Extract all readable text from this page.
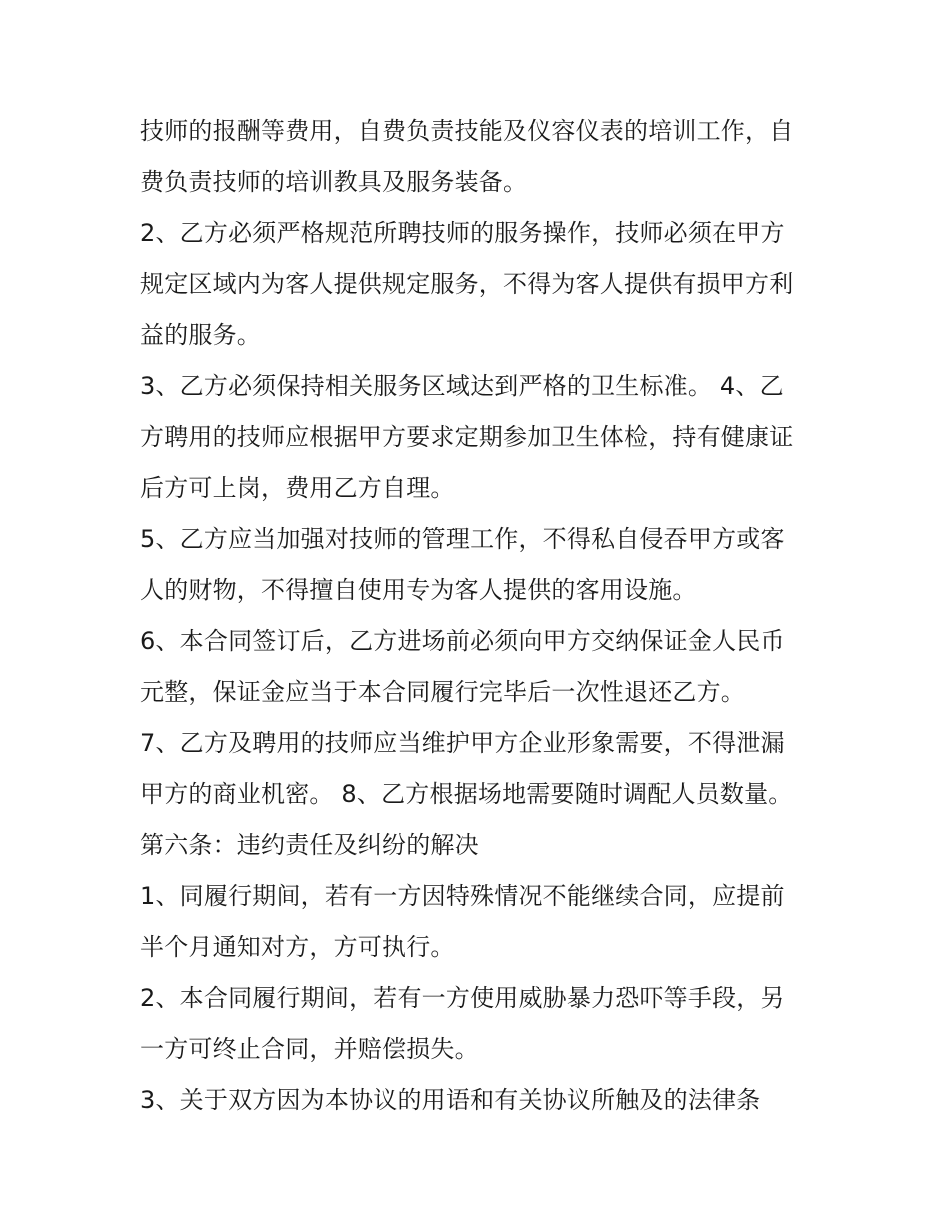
技师的报酬等费用，自费负责技能及仪容仪表的培训工作，自
费负责技师的培训教具及服务装备。
2、乙方必须严格规范所聘技师的服务操作，技师必须在甲方
规定区域内为客人提供规定服务，不得为客人提供有损甲方利
益的服务。
3、乙方必须保持相关服务区域达到严格的卫生标准。 4、乙
方聘用的技师应根据甲方要求定期参加卫生体检，持有健康证
后方可上岗，费用乙方自理。
5、乙方应当加强对技师的管理工作，不得私自侵吞甲方或客
人的财物，不得擅自使用专为客人提供的客用设施。
6、本合同签订后，乙方进场前必须向甲方交纳保证金人民币
元整，保证金应当于本合同履行完毕后一次性退还乙方。
7、乙方及聘用的技师应当维护甲方企业形象需要，不得泄漏
甲方的商业机密。 8、乙方根据场地需要随时调配人员数量。
第六条：违约责任及纠纷的解决
1、同履行期间，若有一方因特殊情况不能继续合同，应提前
半个月通知对方，方可执行。
2、本合同履行期间，若有一方使用威胁暴力恐吓等手段，另
一方可终止合同，并赔偿损失。
3、关于双方因为本协议的用语和有关协议所触及的法律条
